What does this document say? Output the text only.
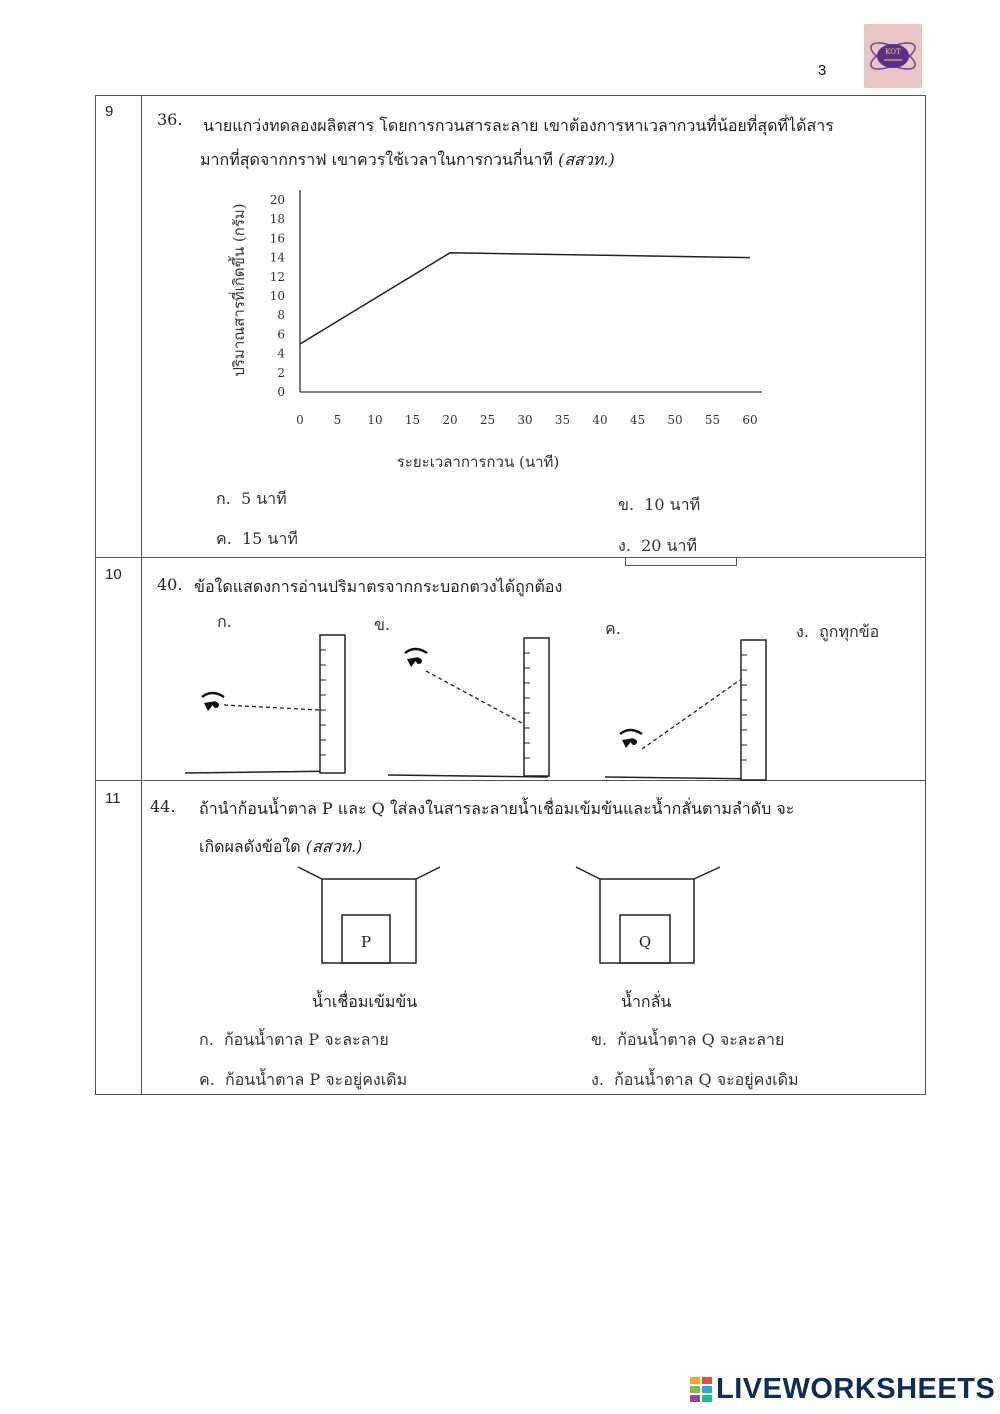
3
KOT
9	36. นายแกว่งทดลองผลิตสาร โดยการกวนสารละลาย เขาต้องการหาเวลากวนที่น้อยที่สุดที่ได้สาร
มากที่สุดจากกราฟ เขาควรใช้เวลาในการกวนกี่นาที (สสวท.)
0
2
4
6
8
10
12
14
16
18
20
0 5 10 15 20 25 30 35 40 45 50 55 60
ระยะเวลาการกวน (นาที)
ปริมาณสารที่เกิดขึ้น (กรัม)
ก. 5 นาที	ข. 10 นาที
ค. 15 นาที	ง. 20 นาที
10
40. ข้อใดแสดงการอ่านปริมาตรจากกระบอกตวงได้ถูกต้อง
ก.	ข.	ค.	ง. ถูกทุกข้อ
11 44. ถ้านำก้อนน้ำตาล P และ Q ใส่ลงในสารละลายน้ำเชื่อมเข้มข้นและน้ำกลั่นตามลำดับ จะ
เกิดผลดังข้อใด (สสวท.)
P	Q
น้ำเชื่อมเข้มข้น	น้ำกลั่น
ก. ก้อนน้ำตาล P จะละลาย	ข. ก้อนน้ำตาล Q จะละลาย
ค. ก้อนน้ำตาล P จะอยู่คงเดิม	ง. ก้อนน้ำตาล Q จะอยู่คงเดิม
LIVEWORKSHEETS
